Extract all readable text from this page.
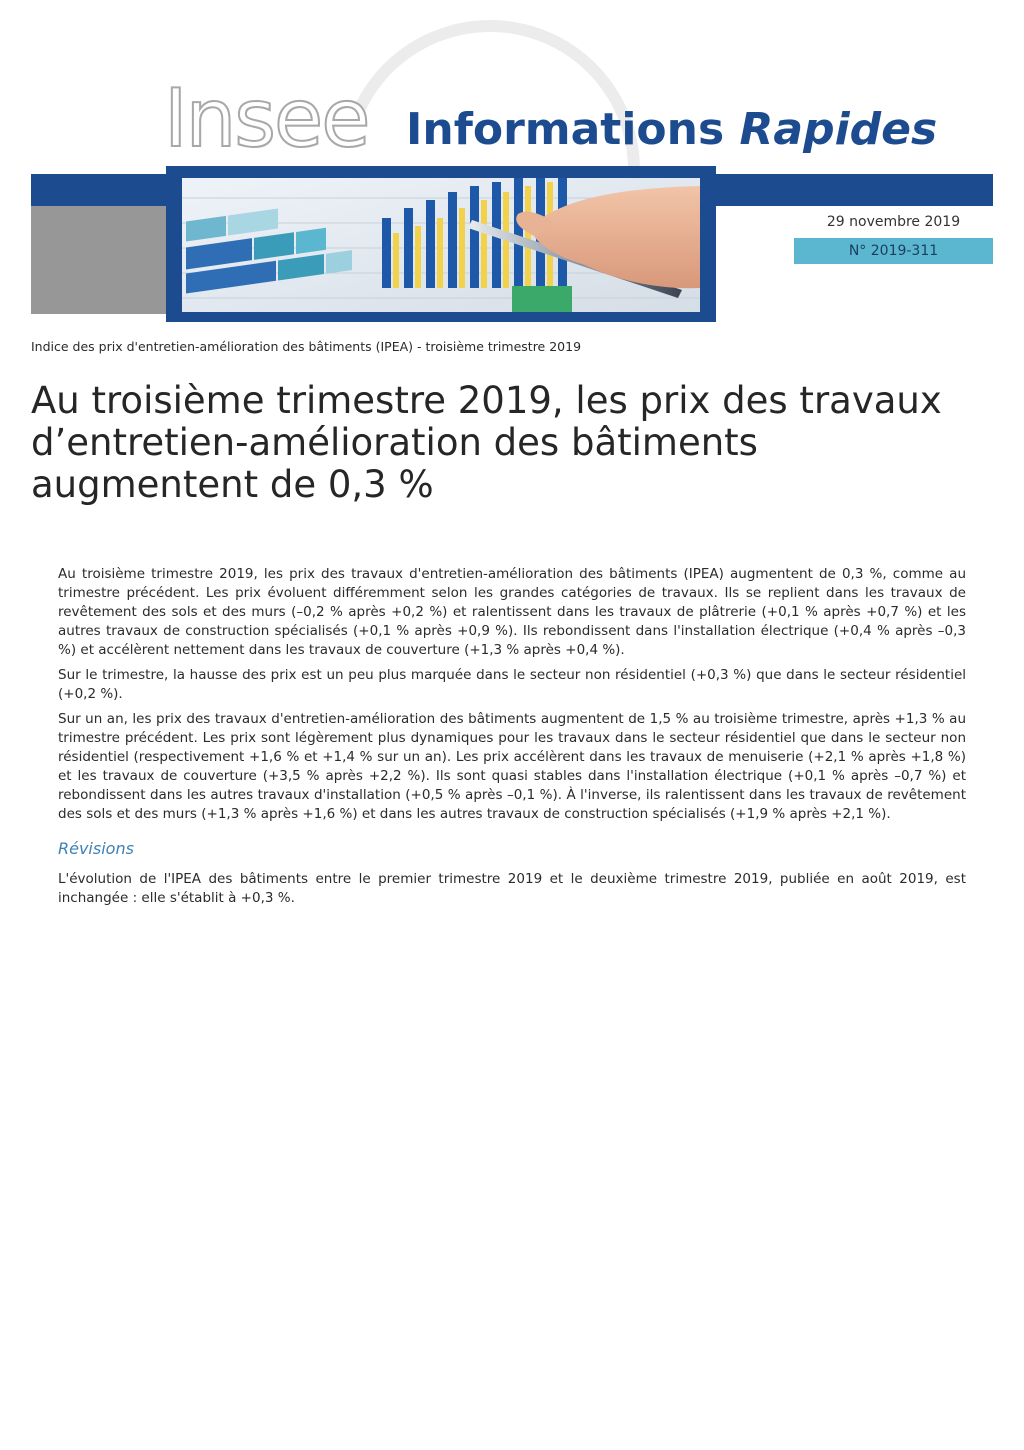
Insee Informations Rapides
29 novembre 2019
N° 2019-311
Indice des prix d'entretien-amélioration des bâtiments (IPEA) - troisième trimestre 2019
Au troisième trimestre 2019, les prix des travaux d’entretien-amélioration des bâtiments augmentent de 0,3 %

Au troisième trimestre 2019, les prix des travaux d'entretien-amélioration des bâtiments (IPEA) augmentent de 0,3 %, comme au trimestre précédent. Les prix évoluent différemment selon les grandes catégories de travaux. Ils se replient dans les travaux de revêtement des sols et des murs (–0,2 % après +0,2 %) et ralentissent dans les travaux de plâtrerie (+0,1 % après +0,7 %) et les autres travaux de construction spécialisés (+0,1 % après +0,9 %). Ils rebondissent dans l'installation électrique (+0,4 % après –0,3 %) et accélèrent nettement dans les travaux de couverture (+1,3 % après +0,4 %).

Sur le trimestre, la hausse des prix est un peu plus marquée dans le secteur non résidentiel (+0,3 %) que dans le secteur résidentiel (+0,2 %).

Sur un an, les prix des travaux d'entretien-amélioration des bâtiments augmentent de 1,5 % au troisième trimestre, après +1,3 % au trimestre précédent. Les prix sont légèrement plus dynamiques pour les travaux dans le secteur résidentiel que dans le secteur non résidentiel (respectivement +1,6 % et +1,4 % sur un an). Les prix accélèrent dans les travaux de menuiserie (+2,1 % après +1,8 %) et les travaux de couverture (+3,5 % après +2,2 %). Ils sont quasi stables dans l'installation électrique (+0,1 % après –0,7 %) et rebondissent dans les autres travaux d'installation (+0,5 % après –0,1 %). À l'inverse, ils ralentissent dans les travaux de revêtement des sols et des murs (+1,3 % après +1,6 %) et dans les autres travaux de construction spécialisés (+1,9 % après +2,1 %).

Révisions

L'évolution de l'IPEA des bâtiments entre le premier trimestre 2019 et le deuxième trimestre 2019, publiée en août 2019, est inchangée : elle s'établit à +0,3 %.
